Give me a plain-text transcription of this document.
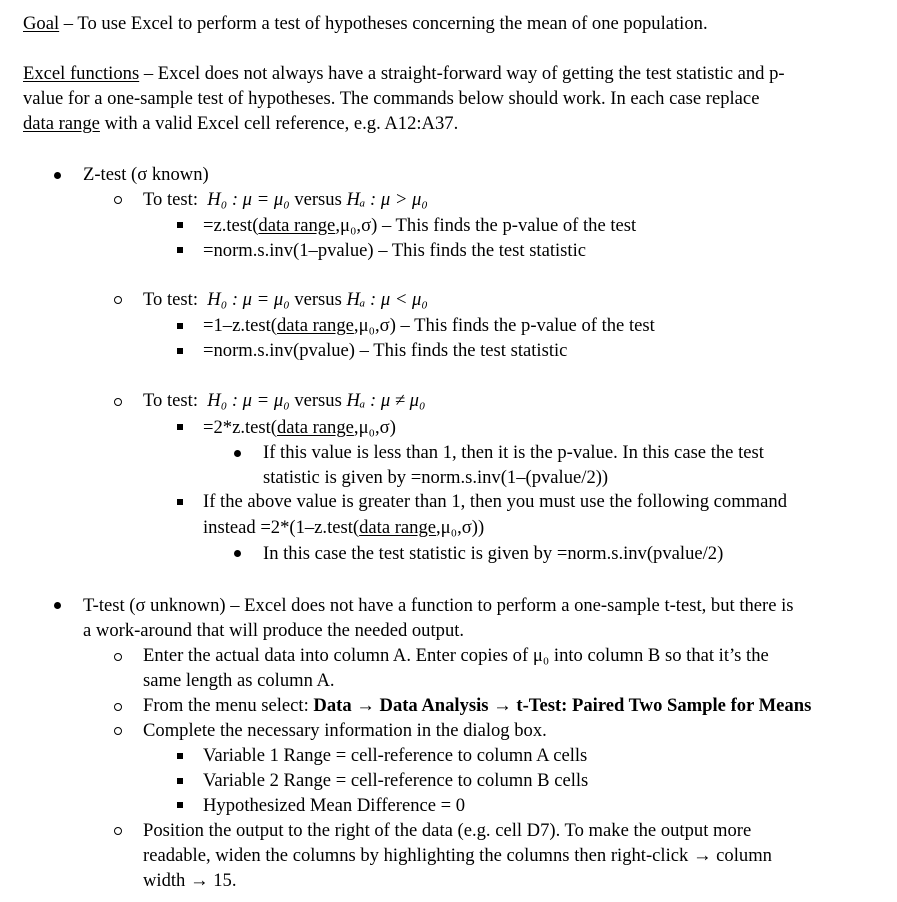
Goal – To use Excel to perform a test of hypotheses concerning the mean of one population.
Excel functions – Excel does not always have a straight-forward way of getting the test statistic and p-
value for a one-sample test of hypotheses. The commands below should work. In each case replace
data range with a valid Excel cell reference, e.g. A12:A37.
Z-test (σ known)
To test: H₀ : μ = μ₀ versus Hₐ : μ > μ₀
=z.test(data range,μ₀,σ) – This finds the p-value of the test
=norm.s.inv(1–pvalue) – This finds the test statistic
To test: H₀ : μ = μ₀ versus Hₐ : μ < μ₀
=1–z.test(data range,μ₀,σ) – This finds the p-value of the test
=norm.s.inv(pvalue) – This finds the test statistic
To test: H₀ : μ = μ₀ versus Hₐ : μ ≠ μ₀
=2*z.test(data range,μ₀,σ)
If this value is less than 1, then it is the p-value. In this case the test
statistic is given by =norm.s.inv(1–(pvalue/2))
If the above value is greater than 1, then you must use the following command
instead =2*(1–z.test(data range,μ₀,σ))
In this case the test statistic is given by =norm.s.inv(pvalue/2)
T-test (σ unknown) – Excel does not have a function to perform a one-sample t-test, but there is
a work-around that will produce the needed output.
Enter the actual data into column A. Enter copies of μ₀ into column B so that it’s the
same length as column A.
From the menu select: Data → Data Analysis → t-Test: Paired Two Sample for Means
Complete the necessary information in the dialog box.
Variable 1 Range = cell-reference to column A cells
Variable 2 Range = cell-reference to column B cells
Hypothesized Mean Difference = 0
Position the output to the right of the data (e.g. cell D7). To make the output more
readable, widen the columns by highlighting the columns then right-click → column
width → 15.
